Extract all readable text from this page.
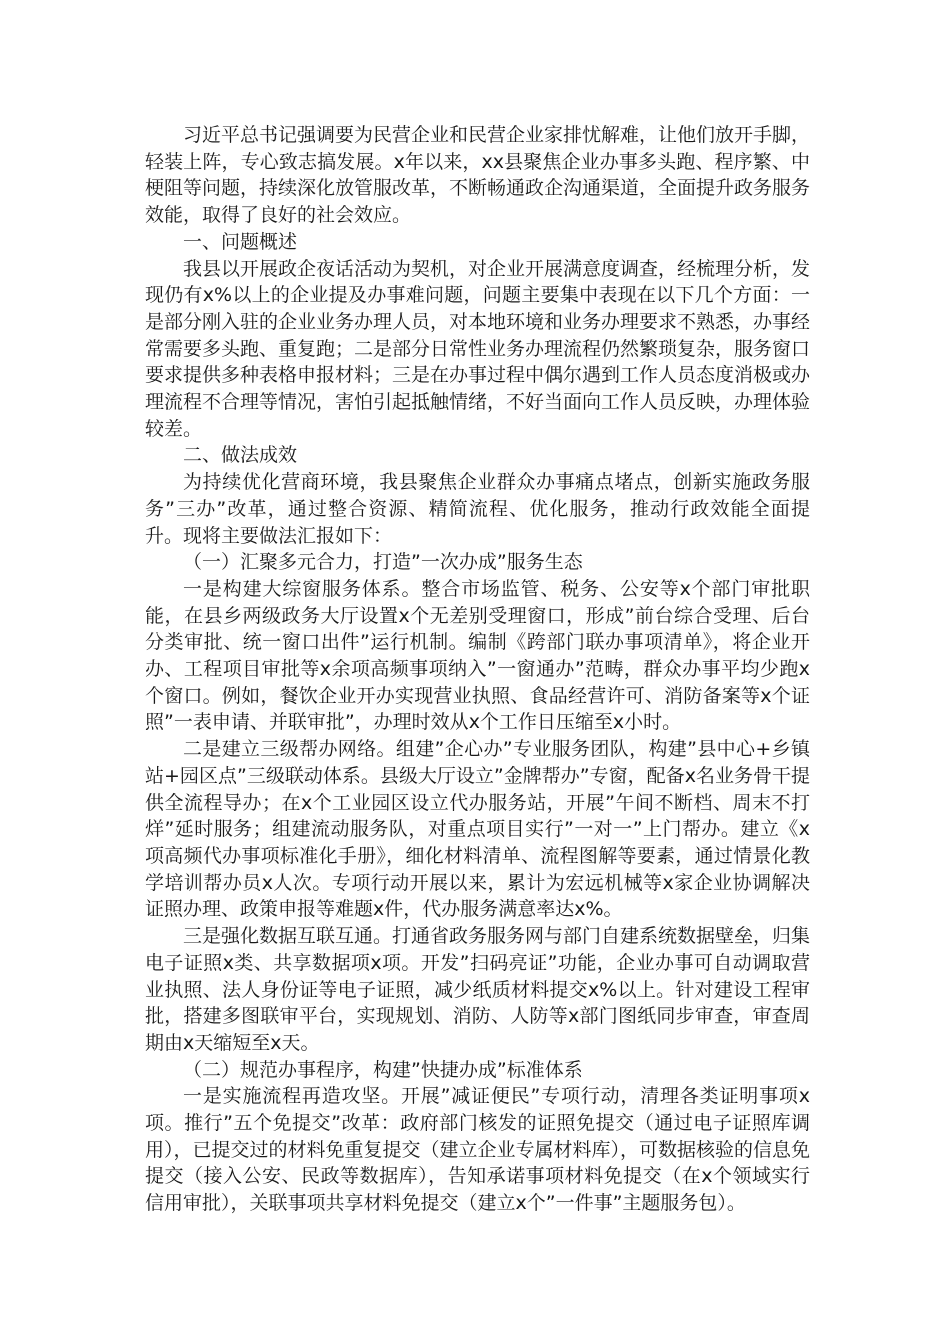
习近平总书记强调要为民营企业和民营企业家排忧解难，让他们放开手脚，轻装上阵，专心致志搞发展。x年以来，xx县聚焦企业办事多头跑、程序繁、中梗阻等问题，持续深化放管服改革，不断畅通政企沟通渠道，全面提升政务服务效能，取得了良好的社会效应。

一、问题概述

我县以开展政企夜话活动为契机，对企业开展满意度调查，经梳理分析，发现仍有x%以上的企业提及办事难问题，问题主要集中表现在以下几个方面：一是部分刚入驻的企业业务办理人员，对本地环境和业务办理要求不熟悉，办事经常需要多头跑、重复跑；二是部分日常性业务办理流程仍然繁琐复杂，服务窗口要求提供多种表格申报材料；三是在办事过程中偶尔遇到工作人员态度消极或办理流程不合理等情况，害怕引起抵触情绪，不好当面向工作人员反映，办理体验较差。

二、做法成效

为持续优化营商环境，我县聚焦企业群众办事痛点堵点，创新实施政务服务”三办”改革，通过整合资源、精简流程、优化服务，推动行政效能全面提升。现将主要做法汇报如下：

（一）汇聚多元合力，打造”一次办成”服务生态

一是构建大综窗服务体系。整合市场监管、税务、公安等x个部门审批职能，在县乡两级政务大厅设置x个无差别受理窗口，形成”前台综合受理、后台分类审批、统一窗口出件”运行机制。编制《跨部门联办事项清单》，将企业开办、工程项目审批等x余项高频事项纳入”一窗通办”范畴，群众办事平均少跑x个窗口。例如，餐饮企业开办实现营业执照、食品经营许可、消防备案等x个证照”一表申请、并联审批”，办理时效从x个工作日压缩至x小时。

二是建立三级帮办网络。组建”企心办”专业服务团队，构建”县中心+乡镇站+园区点”三级联动体系。县级大厅设立”金牌帮办”专窗，配备x名业务骨干提供全流程导办；在x个工业园区设立代办服务站，开展”午间不断档、周末不打烊”延时服务；组建流动服务队，对重点项目实行”一对一”上门帮办。建立《x项高频代办事项标准化手册》，细化材料清单、流程图解等要素，通过情景化教学培训帮办员x人次。专项行动开展以来，累计为宏远机械等x家企业协调解决证照办理、政策申报等难题x件，代办服务满意率达x%。

三是强化数据互联互通。打通省政务服务网与部门自建系统数据壁垒，归集电子证照x类、共享数据项x项。开发”扫码亮证”功能，企业办事可自动调取营业执照、法人身份证等电子证照，减少纸质材料提交x%以上。针对建设工程审批，搭建多图联审平台，实现规划、消防、人防等x部门图纸同步审查，审查周期由x天缩短至x天。

（二）规范办事程序，构建”快捷办成”标准体系

一是实施流程再造攻坚。开展”减证便民”专项行动，清理各类证明事项x项。推行”五个免提交”改革：政府部门核发的证照免提交（通过电子证照库调用），已提交过的材料免重复提交（建立企业专属材料库），可数据核验的信息免提交（接入公安、民政等数据库），告知承诺事项材料免提交（在x个领域实行信用审批），关联事项共享材料免提交（建立x个”一件事”主题服务包）。
